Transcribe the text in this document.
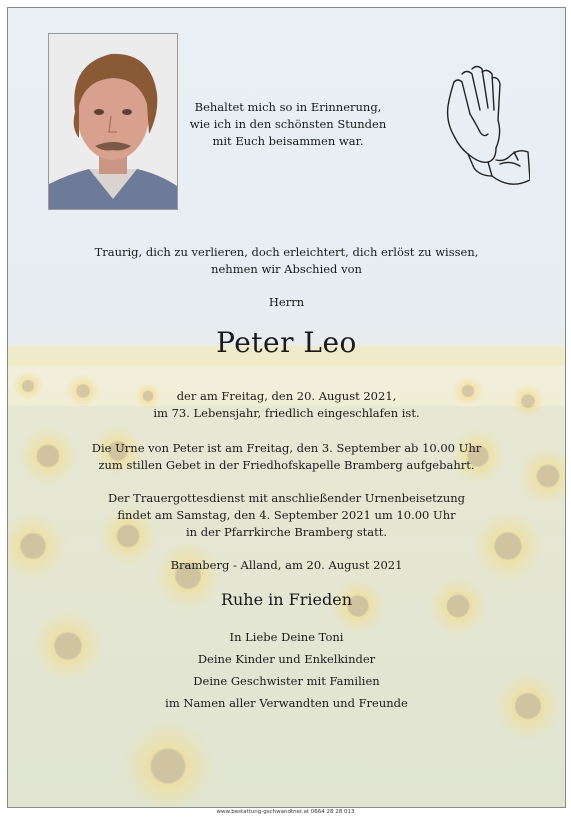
Behaltet mich so in Erinnerung,
wie ich in den schönsten Stunden
mit Euch beisammen war.
Traurig, dich zu verlieren, doch erleichtert, dich erlöst zu wissen,
nehmen wir Abschied von
Herrn
Peter Leo
der am Freitag, den 20. August 2021,
im 73. Lebensjahr, friedlich eingeschlafen ist.
Die Urne von Peter ist am Freitag, den 3. September ab 10.00 Uhr
zum stillen Gebet in der Friedhofskapelle Bramberg aufgebahrt.
Der Trauergottesdienst mit anschließender Urnenbeisetzung
findet am Samstag, den 4. September 2021 um 10.00 Uhr
in der Pfarrkirche Bramberg statt.
Bramberg - Alland, am 20. August 2021
Ruhe in Frieden
In Liebe Deine Toni
Deine Kinder und Enkelkinder
Deine Geschwister mit Familien
im Namen aller Verwandten und Freunde
www.bestattung-gschwandtner.at 0664 28 28 013
